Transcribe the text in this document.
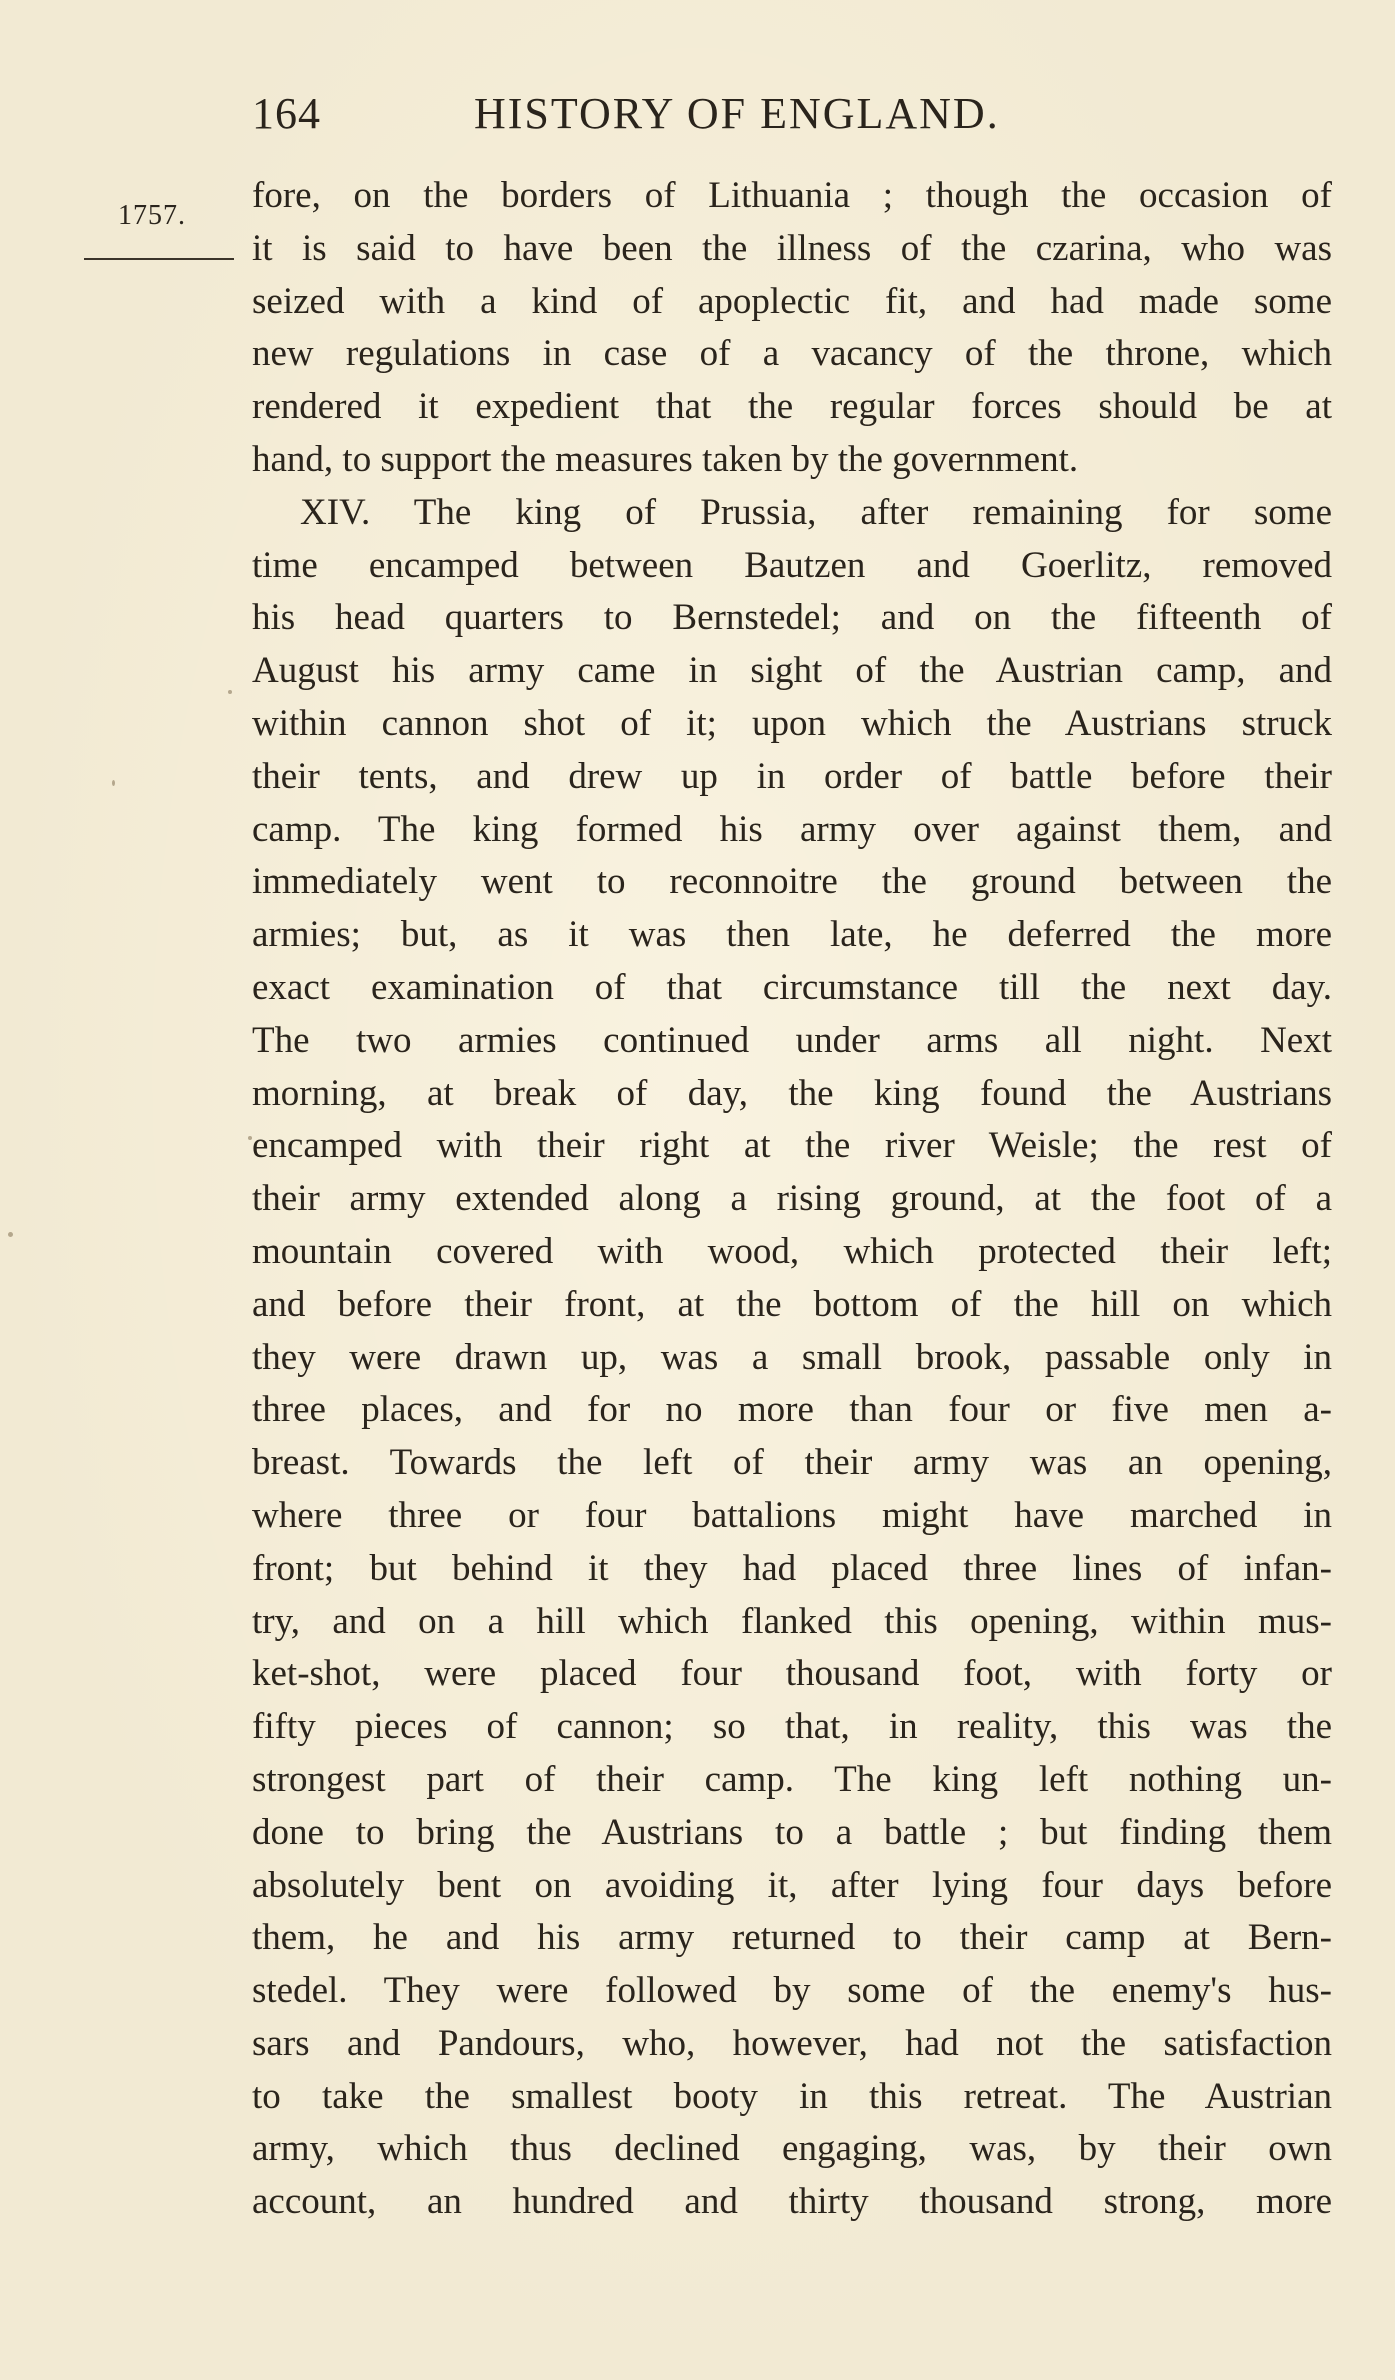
164	HISTORY OF ENGLAND.
1757. fore, on the borders of Lithuania ; though the occasion of
it is said to have been the illness of the czarina, who was
seized with a kind of apoplectic fit, and had made some
new regulations in case of a vacancy of the throne, which
rendered it expedient that the regular forces should be at
hand, to support the measures taken by the government.
XIV. The king of Prussia, after remaining for some
time encamped between Bautzen and Goerlitz, removed
his head quarters to Bernstedel; and on the fifteenth of
August his army came in sight of the Austrian camp, and
within cannon shot of it; upon which the Austrians struck
their tents, and drew up in order of battle before their
camp. The king formed his army over against them, and
immediately went to reconnoitre the ground between the
armies; but, as it was then late, he deferred the more
exact examination of that circumstance till the next day.
The two armies continued under arms all night. Next
morning, at break of day, the king found the Austrians
encamped with their right at the river Weisle; the rest of
their army extended along a rising ground, at the foot of a
mountain covered with wood, which protected their left;
and before their front, at the bottom of the hill on which
they were drawn up, was a small brook, passable only in
three places, and for no more than four or five men a-
breast. Towards the left of their army was an opening,
where three or four battalions might have marched in
front; but behind it they had placed three lines of infan-
try, and on a hill which flanked this opening, within mus-
ket-shot, were placed four thousand foot, with forty or
fifty pieces of cannon; so that, in reality, this was the
strongest part of their camp. The king left nothing un-
done to bring the Austrians to a battle ; but finding them
absolutely bent on avoiding it, after lying four days before
them, he and his army returned to their camp at Bern-
stedel. They were followed by some of the enemy's hus-
sars and Pandours, who, however, had not the satisfaction
to take the smallest booty in this retreat. The Austrian
army, which thus declined engaging, was, by their own
account, an hundred and thirty thousand strong, more
